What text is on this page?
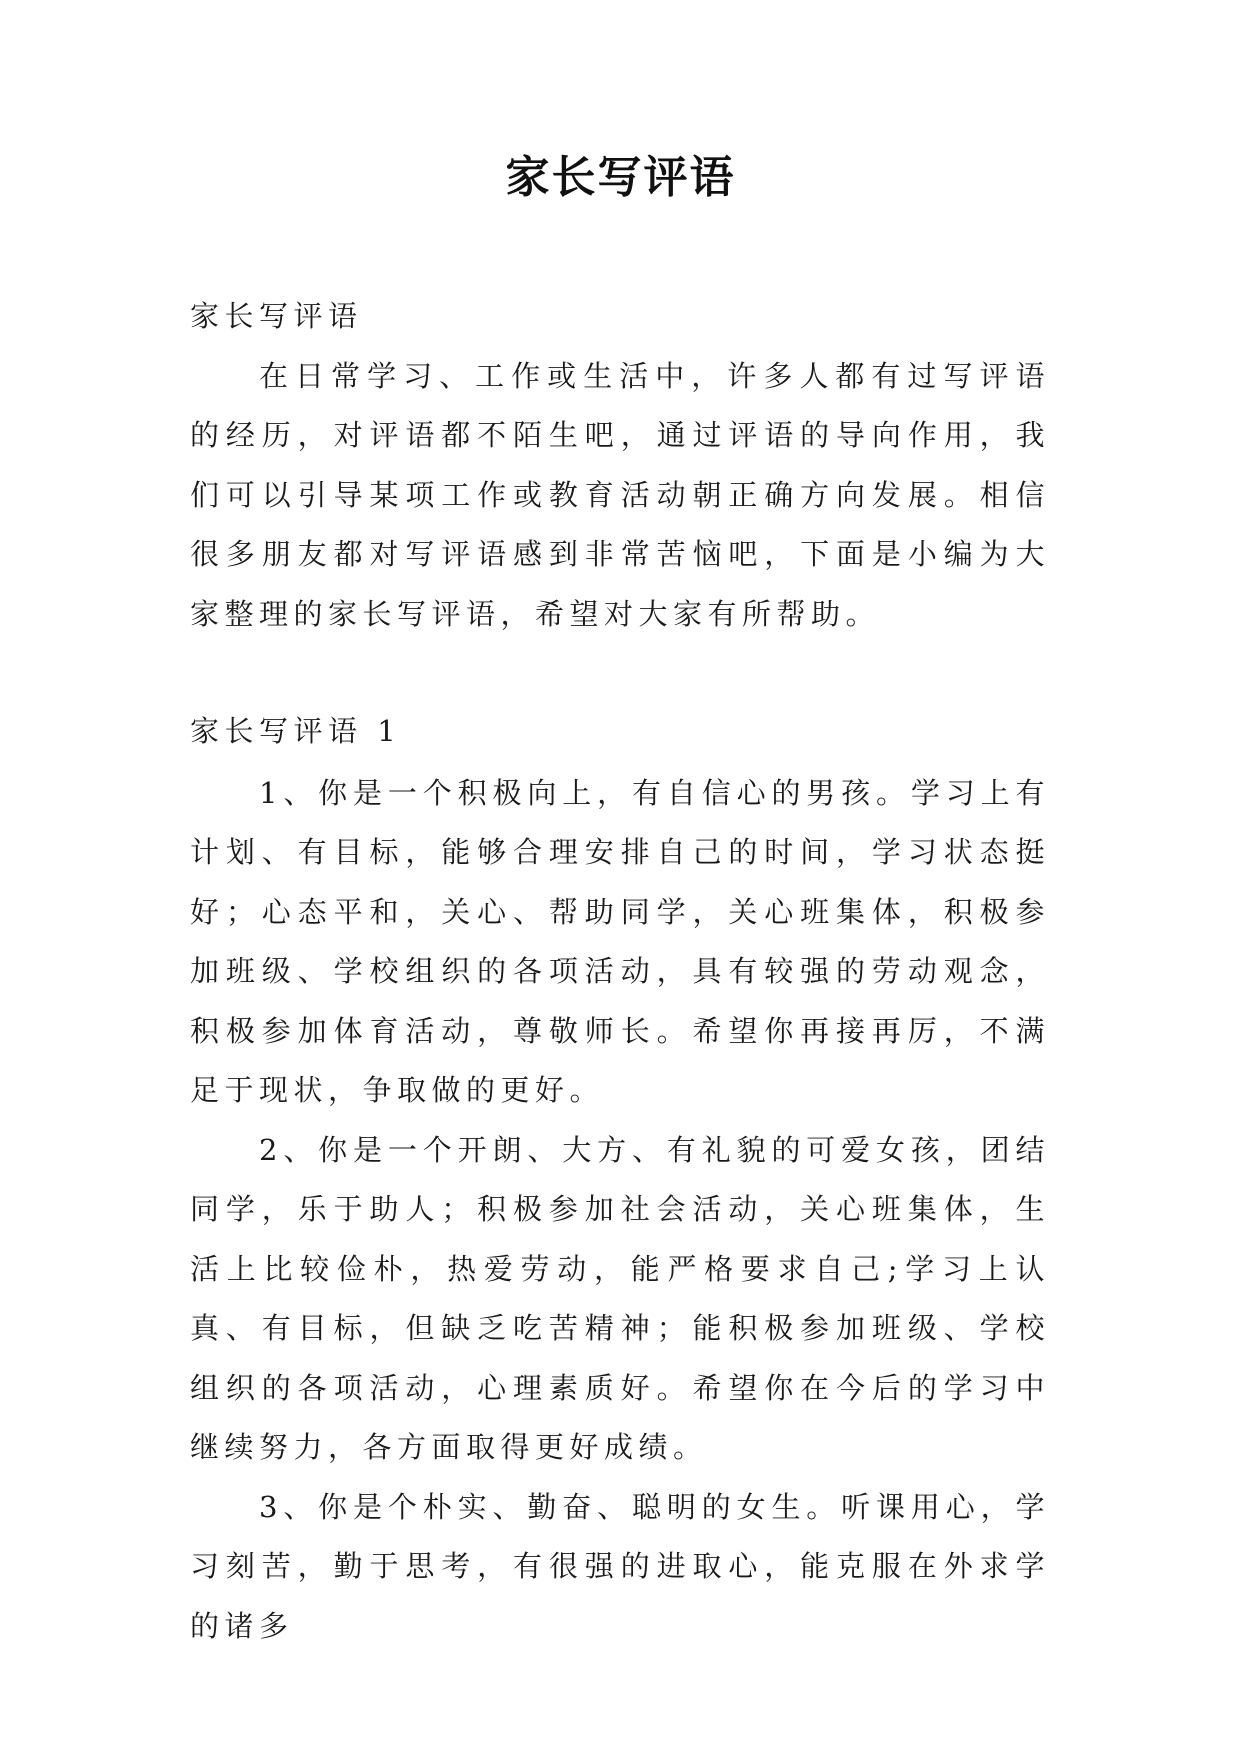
家长写评语

家长写评语

在日常学习、工作或生活中，许多人都有过写评语的经历，对评语都不陌生吧，通过评语的导向作用，我们可以引导某项工作或教育活动朝正确方向发展。相信很多朋友都对写评语感到非常苦恼吧，下面是小编为大家整理的家长写评语，希望对大家有所帮助。

家长写评语 1

1、你是一个积极向上，有自信心的男孩。学习上有计划、有目标，能够合理安排自己的时间，学习状态挺好；心态平和，关心、帮助同学，关心班集体，积极参加班级、学校组织的各项活动，具有较强的劳动观念，积极参加体育活动，尊敬师长。希望你再接再厉，不满足于现状，争取做的更好。

2、你是一个开朗、大方、有礼貌的可爱女孩，团结同学，乐于助人；积极参加社会活动，关心班集体，生活上比较俭朴，热爱劳动，能严格要求自己;学习上认真、有目标，但缺乏吃苦精神；能积极参加班级、学校组织的各项活动，心理素质好。希望你在今后的学习中继续努力，各方面取得更好成绩。

3、你是个朴实、勤奋、聪明的女生。听课用心，学习刻苦，勤于思考，有很强的进取心，能克服在外求学的诸多
